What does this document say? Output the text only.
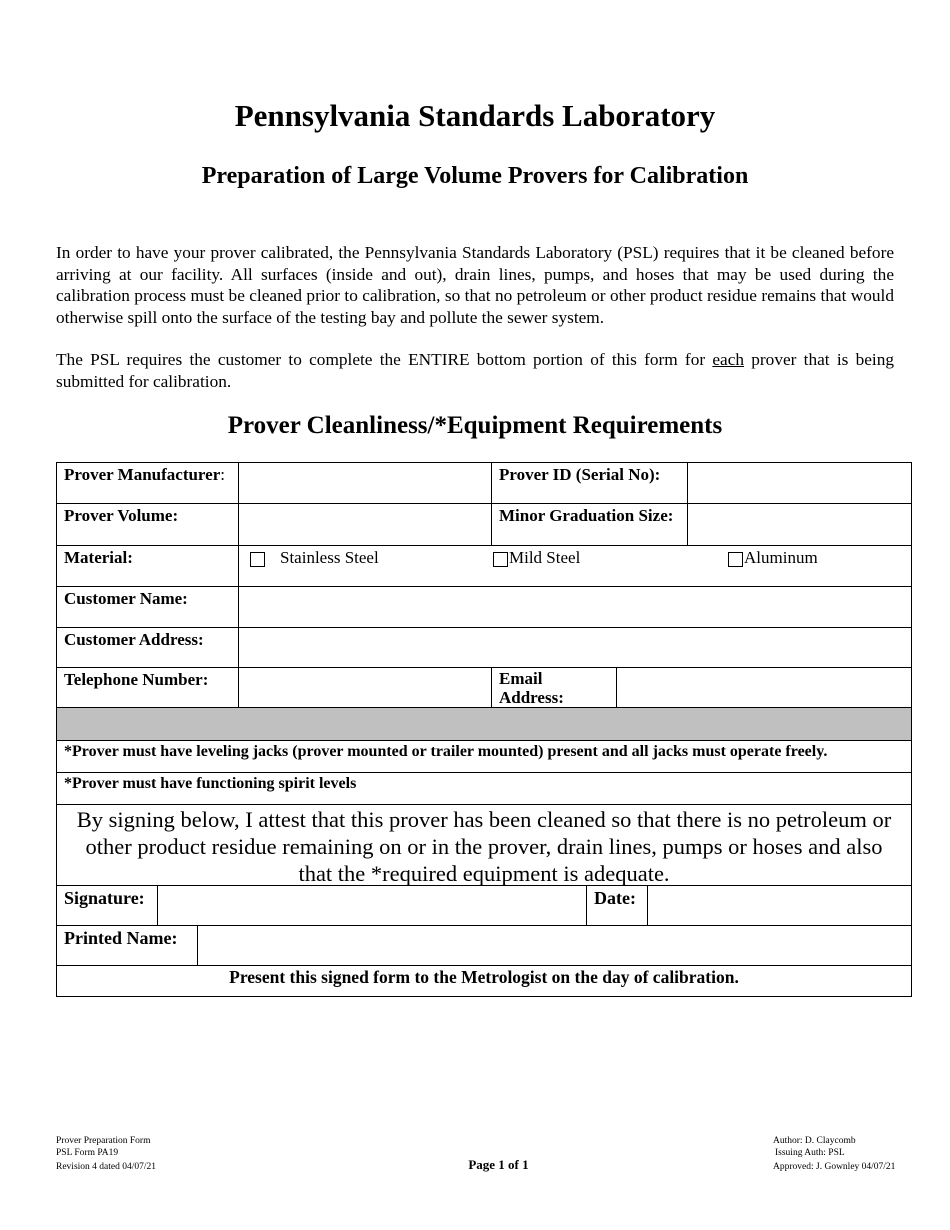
Pennsylvania Standards Laboratory
Preparation of Large Volume Provers for Calibration

In order to have your prover calibrated, the Pennsylvania Standards Laboratory (PSL) requires that it be cleaned before arriving at our facility. All surfaces (inside and out), drain lines, pumps, and hoses that may be used during the calibration process must be cleaned prior to calibration, so that no petroleum or other product residue remains that would otherwise spill onto the surface of the testing bay and pollute the sewer system.

The PSL requires the customer to complete the ENTIRE bottom portion of this form for each prover that is being submitted for calibration.

Prover Cleanliness/*Equipment Requirements
Prover Manufacturer:	Prover ID (Serial No):
Prover Volume:	Minor Graduation Size:
Material:	Stainless Steel	Mild Steel	Aluminum
Customer Name:
Customer Address:
Telephone Number:	Email
Address:
*Prover must have leveling jacks (prover mounted or trailer mounted) present and all jacks must operate freely.
*Prover must have functioning spirit levels
By signing below, I attest that this prover has been cleaned so that there is no petroleum or other product residue remaining on or in the prover, drain lines, pumps or hoses and also that the *required equipment is adequate.
Signature:	Date:
Printed Name:
Present this signed form to the Metrologist on the day of calibration.
Prover Preparation Form
PSL Form PA19
Revision 4 dated 04/07/21	Page 1 of 1
Author: D. Claycomb
Issuing Auth: PSL
Approved: J. Gownley 04/07/21
